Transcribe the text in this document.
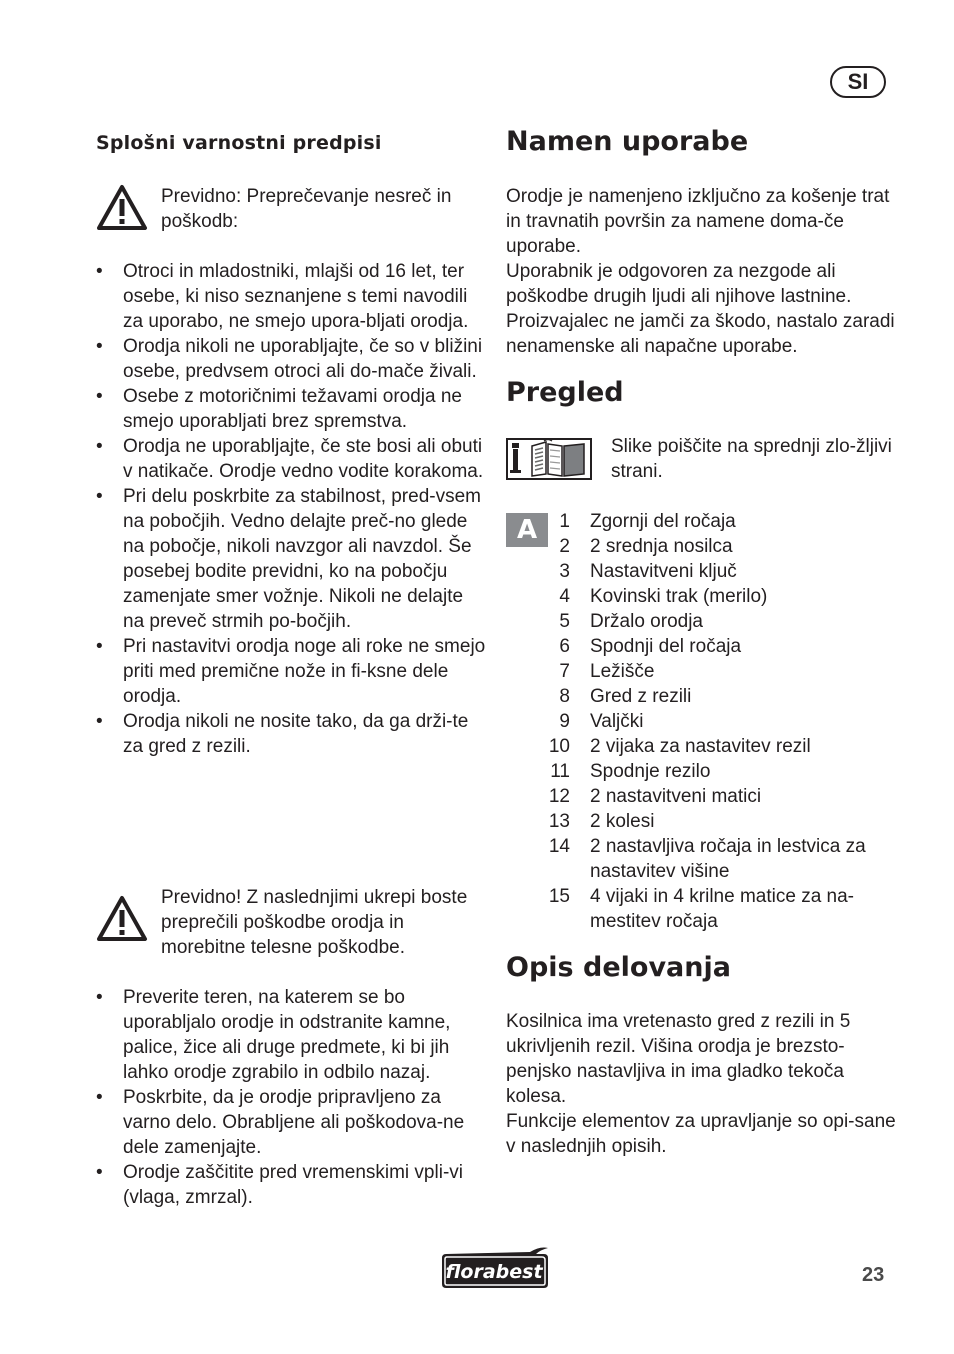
SI
Splošni varnostni predpisi
Previdno: Preprečevanje nesreč in poškodb:
• Otroci in mladostniki, mlajši od 16 let, ter osebe, ki niso seznanjene s temi navodili za uporabo, ne smejo upora-bljati orodja.
• Orodja nikoli ne uporabljajte, če so v bližini osebe, predvsem otroci ali do-mače živali.
• Osebe z motoričnimi težavami orodja ne smejo uporabljati brez spremstva.
• Orodja ne uporabljajte, če ste bosi ali obuti v natikače. Orodje vedno vodite korakoma.
• Pri delu poskrbite za stabilnost, pred-vsem na pobočjih. Vedno delajte preč-no glede na pobočje, nikoli navzgor ali navzdol. Še posebej bodite previdni, ko na pobočju zamenjate smer vožnje. Nikoli ne delajte na preveč strmih po-bočjih.
• Pri nastavitvi orodja noge ali roke ne smejo priti med premične nože in fi-ksne dele orodja.
• Orodja nikoli ne nosite tako, da ga drži-te za gred z rezili.
Previdno! Z naslednjimi ukrepi boste preprečili poškodbe orodja in morebitne telesne poškodbe.
• Preverite teren, na katerem se bo uporabljalo orodje in odstranite kamne, palice, žice ali druge predmete, ki bi jih lahko orodje zgrabilo in odbilo nazaj.
• Poskrbite, da je orodje pripravljeno za varno delo. Obrabljene ali poškodova-ne dele zamenjajte.
• Orodje zaščitite pred vremenskimi vpli-vi (vlaga, zmrzal).
Namen uporabe
Orodje je namenjeno izključno za košenje trat in travnatih površin za namene doma-če uporabe.
Uporabnik je odgovoren za nezgode ali poškodbe drugih ljudi ali njihove lastnine. Proizvajalec ne jamči za škodo, nastalo zaradi nenamenske ali napačne uporabe.
Pregled
Slike poiščite na sprednji zlo-žljivi strani.
A	1 Zgornji del ročaja
2 2 srednja nosilca
3 Nastavitveni ključ
4 Kovinski trak (merilo)
5 Držalo orodja
6 Spodnji del ročaja
7 Ležišče
8 Gred z rezili
9 Valjčki
10 2 vijaka za nastavitev rezil
11 Spodnje rezilo
12 2 nastavitveni matici
13 2 kolesi
14 2 nastavljiva ročaja in lestvica za nastavitev višine
15 4 vijaki in 4 krilne matice za na-mestitev ročaja
Opis delovanja
Kosilnica ima vretenasto gred z rezili in 5 ukrivljenih rezil. Višina orodja je brezsto-penjsko nastavljiva in ima gladko tekoča kolesa.
Funkcije elementov za upravljanje so opi-sane v naslednjih opisih.
florabest	23
